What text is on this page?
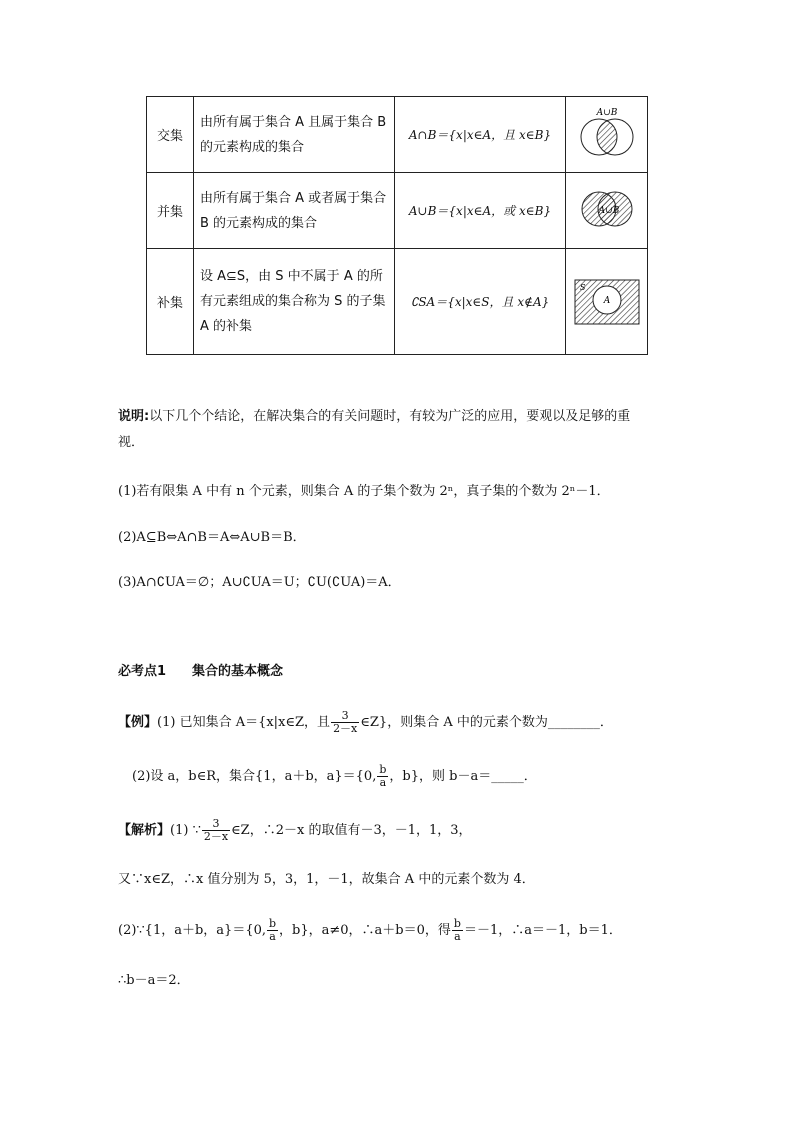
交集	由所有属于集合 A 且属于集合 B 的元素构成的集合	A∩B＝{x|x∈A，且 x∈B}	A∪B

并集	由所有属于集合 A 或者属于集合 B 的元素构成的集合	A∪B＝{x|x∈A，或 x∈B}	A∪B

补集	设 A⊆S，由 S 中不属于 A 的所有元素组成的集合称为 S 的子集 A 的补集	∁SA＝{x|x∈S，且 x∉A}	S
A
说明:以下几个个结论，在解决集合的有关问题时，有较为广泛的应用，要观以及足够的重
视．
(1)若有限集 A 中有 n 个元素，则集合 A 的子集个数为 2ⁿ，真子集的个数为 2ⁿ－1．
(2)A⊆B⇔A∩B＝A⇔A∪B＝B．
(3)A∩∁UA＝∅；A∪∁UA＝U；∁U(∁UA)＝A．
必考点1　　集合的基本概念
【例】(1) 已知集合 A＝{x|x∈Z，且 $\frac{3}{2-x}$ ∈Z}，则集合 A 中的元素个数为________．
(2)设 a，b∈R，集合{1，a＋b，a}＝{0, $\frac{b}{a}$ ，b}，则 b－a＝_____．
【解析】(1) ∵ $\frac{3}{2-x}$ ∈Z，∴2－x 的取值有－3，－1，1，3，
又∵x∈Z，∴x 值分别为 5，3，1，－1，故集合 A 中的元素个数为 4．
(2)∵{1，a＋b，a}＝{0, $\frac{b}{a}$ ，b}，a≠0，∴a＋b＝0，得 $\frac{b}{a} =-1$，∴a＝－1，b＝1．
∴b－a＝2．
